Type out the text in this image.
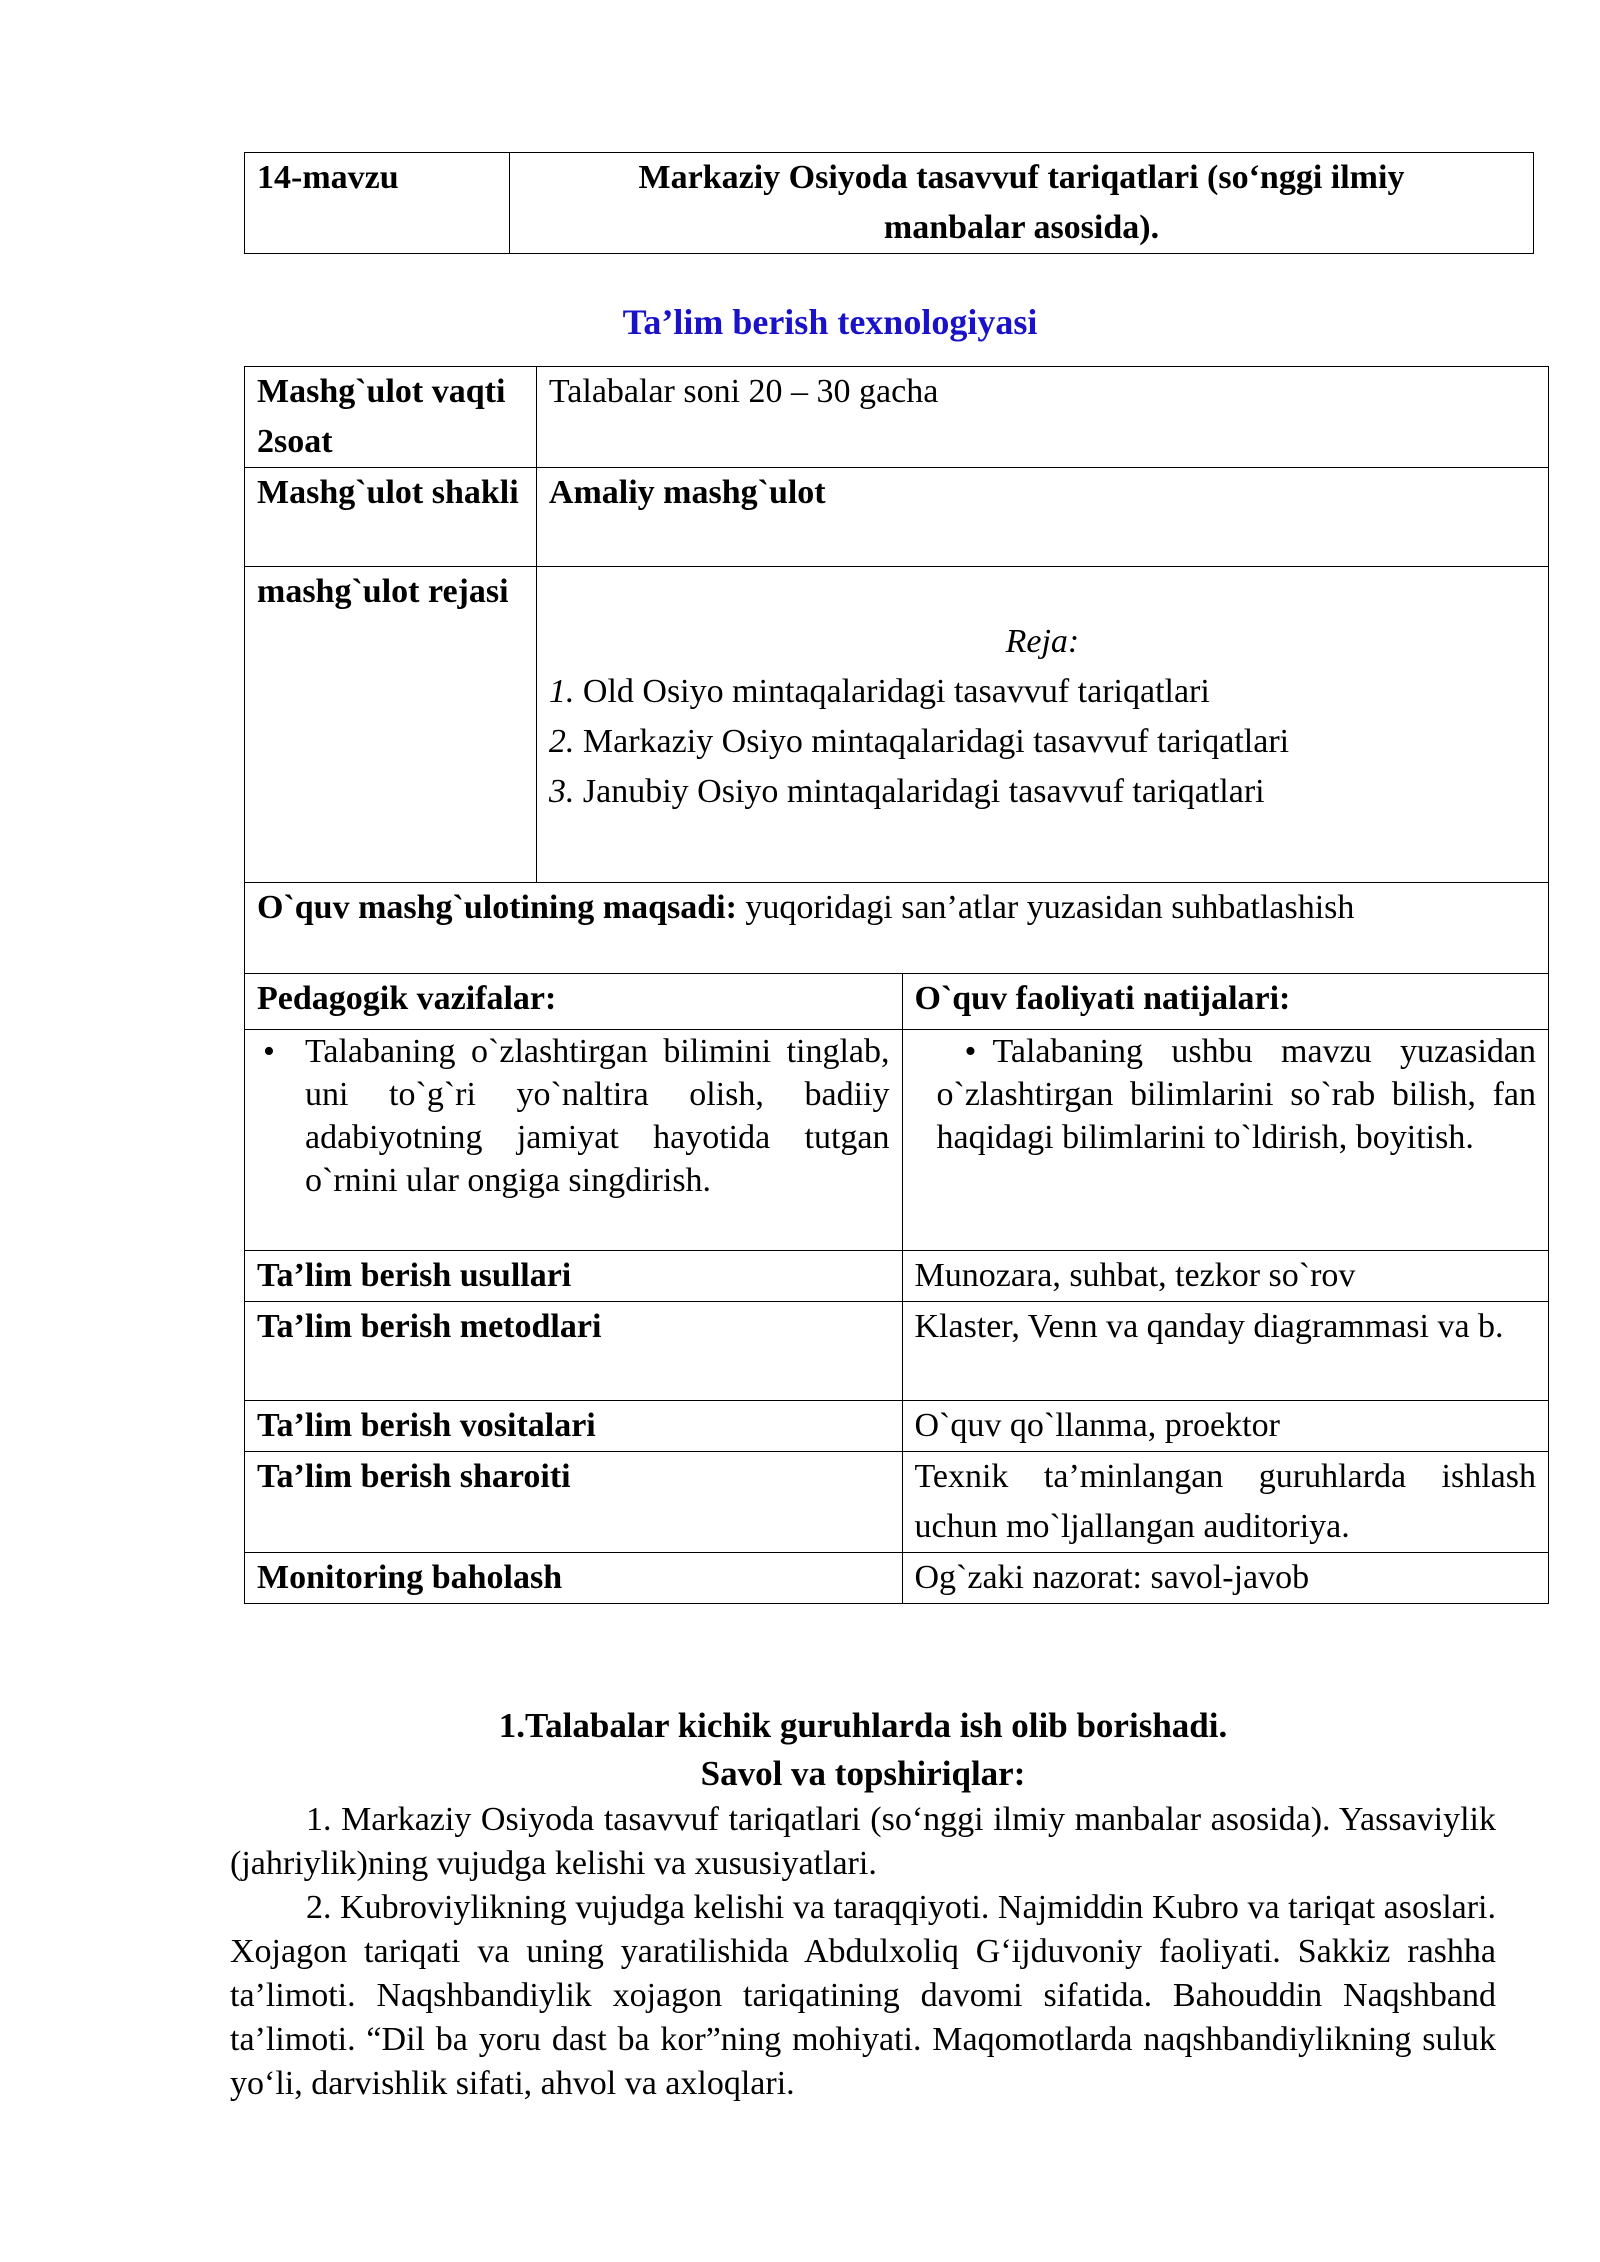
14-mavzu	Markaziy Osiyoda tasavvuf tariqatlari (so‘nggi ilmiy manbalar asosida).
Ta’lim berish texnologiyasi
Mashg`ulot vaqti 2soat	Talabalar soni 20 – 30 gacha	
Mashg`ulot shakli	Amaliy mashg`ulot	
mashg`ulot rejasi	Reja:
1. Old Osiyo mintaqalaridagi tasavvuf tariqatlari
2. Markaziy Osiyo mintaqalaridagi tasavvuf tariqatlari
3. Janubiy Osiyo mintaqalaridagi tasavvuf tariqatlari	

O`quv mashg`ulotining maqsadi: yuqoridagi san’atlar yuzasidan suhbatlashish		
Pedagogik vazifalar:		O`quv faoliyati natijalari:

• Talabaning o`zlashtirgan bilimini tinglab, uni to`g`ri yo`naltira olish, badiiy adabiyotning jamiyat hayotida tutgan o`rnini ular ongiga singdirish.		• Talabaning ushbu mavzu yuzasidan o`zlashtirgan bilimlarini so`rab bilish, fan haqidagi bilimlarini to`ldirish, boyitish.

Ta’lim berish usullari		Munozara, suhbat, tezkor so`rov
Ta’lim berish metodlari		Klaster, Venn va qanday diagrammasi va b.
Ta’lim berish vositalari		O`quv qo`llanma, proektor
Ta’lim berish sharoiti		Texnik ta’minlangan guruhlarda ishlash uchun mo`ljallangan auditoriya.
Monitoring baholash		Og`zaki nazorat: savol-javob
1.Talabalar kichik guruhlarda ish olib borishadi.
Savol va topshiriqlar:

1. Markaziy Osiyoda tasavvuf tariqatlari (so‘nggi ilmiy manbalar asosida). Yassaviylik (jahriylik)ning vujudga kelishi va xususiyatlari.

2. Kubroviylikning vujudga kelishi va taraqqiyoti. Najmiddin Kubro va tariqat asoslari. Xojagon tariqati va uning yaratilishida Abdulxoliq G‘ijduvoniy faoliyati. Sakkiz rashha ta’limoti. Naqshbandiylik xojagon tariqatining davomi sifatida. Bahouddin Naqshband ta’limoti. “Dil ba yoru dast ba kor”ning mohiyati. Maqomotlarda naqshbandiylikning suluk yo‘li, darvishlik sifati, ahvol va axloqlari.
